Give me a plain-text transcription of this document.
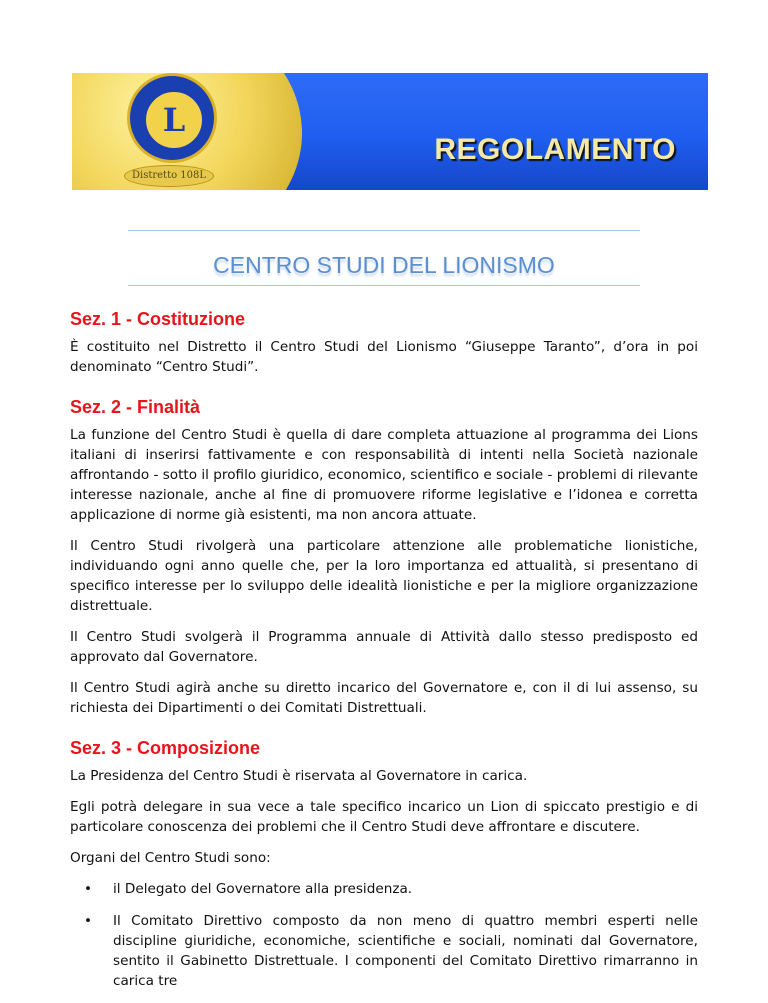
L
Distretto 108L
REGOLAMENTO
CENTRO STUDI DEL LIONISMO
Sez. 1 - Costituzione

È costituito nel Distretto il Centro Studi del Lionismo “Giuseppe Taranto”, d’ora in poi denominato “Centro Studi”.

Sez. 2 - Finalità

La funzione del Centro Studi è quella di dare completa attuazione al programma dei Lions italiani di inserirsi fattivamente e con responsabilità di intenti nella Società nazionale affrontando - sotto il profilo giuridico, economico, scientifico e sociale - problemi di rilevante interesse nazionale, anche al fine di promuovere riforme legislative e l’idonea e corretta applicazione di norme già esistenti, ma non ancora attuate.

Il Centro Studi rivolgerà una particolare attenzione alle problematiche lionistiche, individuando ogni anno quelle che, per la loro importanza ed attualità, si presentano di specifico interesse per lo sviluppo delle idealità lionistiche e per la migliore organizzazione distrettuale.

Il Centro Studi svolgerà il Programma annuale di Attività dallo stesso predisposto ed approvato dal Governatore.

Il Centro Studi agirà anche su diretto incarico del Governatore e, con il di lui assenso, su richiesta dei Dipartimenti o dei Comitati Distrettuali.

Sez. 3 - Composizione

La Presidenza del Centro Studi è riservata al Governatore in carica.

Egli potrà delegare in sua vece a tale specifico incarico un Lion di spiccato prestigio e di particolare conoscenza dei problemi che il Centro Studi deve affrontare e discutere.

Organi del Centro Studi sono:

• il Delegato del Governatore alla presidenza.
• Il Comitato Direttivo composto da non meno di quattro membri esperti nelle discipline giuridiche, economiche, scientifiche e sociali, nominati dal Governatore, sentito il Gabinetto Distrettuale. I componenti del Comitato Direttivo rimarranno in carica tre
